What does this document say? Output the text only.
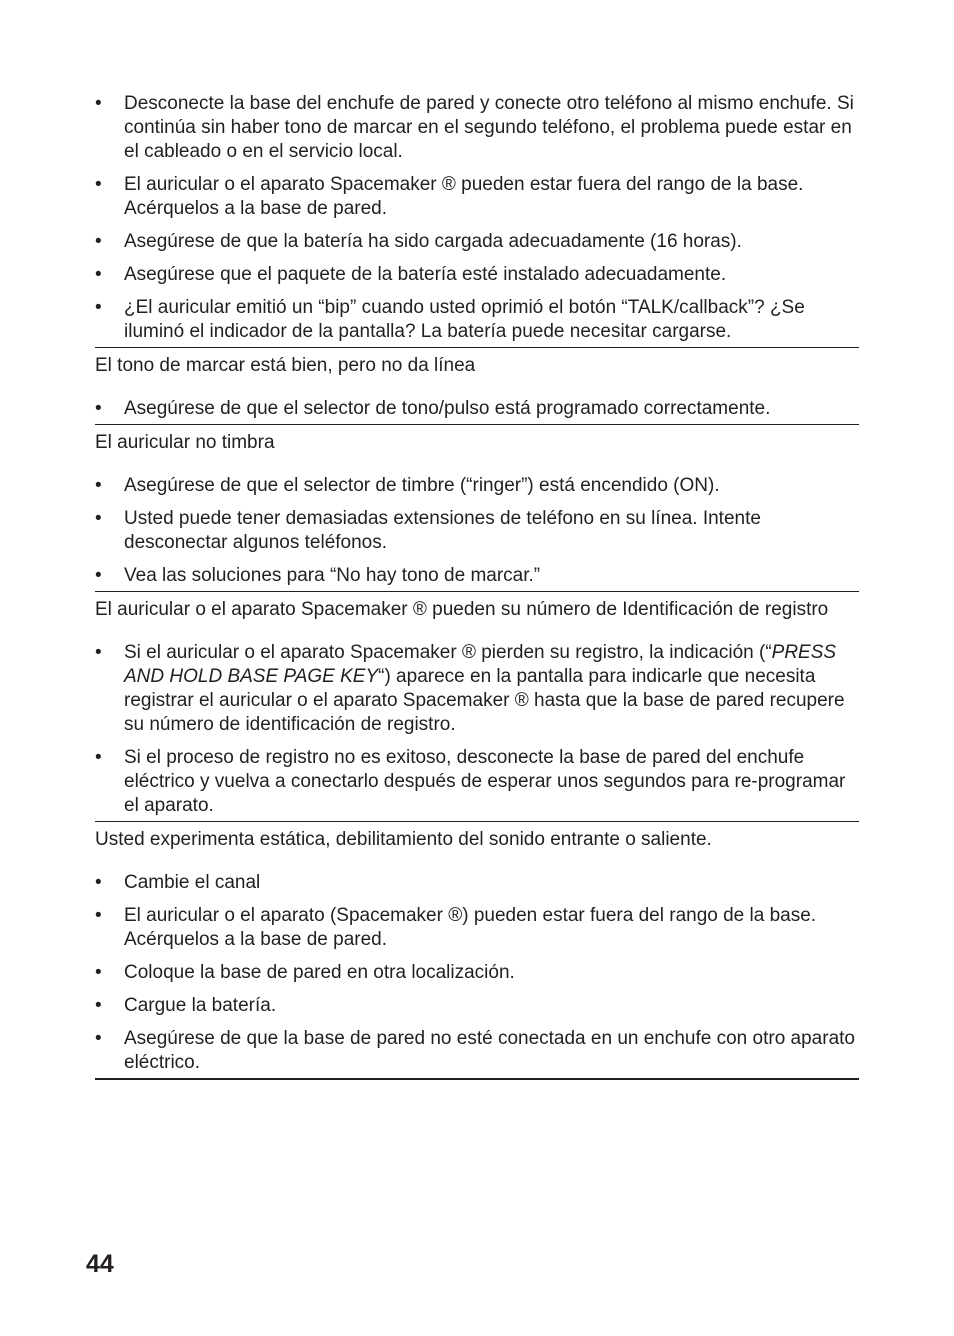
• Desconecte la base del enchufe de pared y conecte otro teléfono al mismo enchufe. Si continúa sin haber tono de marcar en el segundo teléfono, el problema puede estar en el cableado o en el servicio local.
• El auricular o el aparato Spacemaker ® pueden estar fuera del rango de la base. Acérquelos a la base de pared.
• Asegúrese de que la batería ha sido cargada adecuadamente (16 horas).
• Asegúrese que el paquete de la batería esté instalado adecuadamente.
• ¿El auricular emitió un “bip” cuando usted oprimió el botón “TALK/callback”? ¿Se iluminó el indicador de la pantalla? La batería puede necesitar cargarse.

El tono de marcar está bien, pero no da línea

• Asegúrese de que el selector de tono/pulso está programado correctamente.

El auricular no timbra

• Asegúrese de que el selector de timbre (“ringer”) está encendido (ON).
• Usted puede tener demasiadas extensiones de teléfono en su línea. Intente desconectar algunos teléfonos.
• Vea las soluciones para “No hay tono de marcar.”

El auricular o el aparato Spacemaker ® pueden su número de Identificación de registro

• Si el auricular o el aparato Spacemaker ® pierden su registro, la indicación (“PRESS AND HOLD BASE PAGE KEY“) aparece en la pantalla para indicarle que necesita registrar el auricular o el aparato Spacemaker ® hasta que la base de pared recupere su número de identificación de registro.
• Si el proceso de registro no es exitoso, desconecte la base de pared del enchufe eléctrico y vuelva a conectarlo después de esperar unos segundos para re-programar el aparato.

Usted experimenta estática, debilitamiento del sonido entrante o saliente.

• Cambie el canal
• El auricular o el aparato (Spacemaker ®) pueden estar fuera del rango de la base. Acérquelos a la base de pared.
• Coloque la base de pared en otra localización.
• Cargue la batería.
• Asegúrese de que la base de pared no esté conectada en un enchufe con otro aparato eléctrico.
44
